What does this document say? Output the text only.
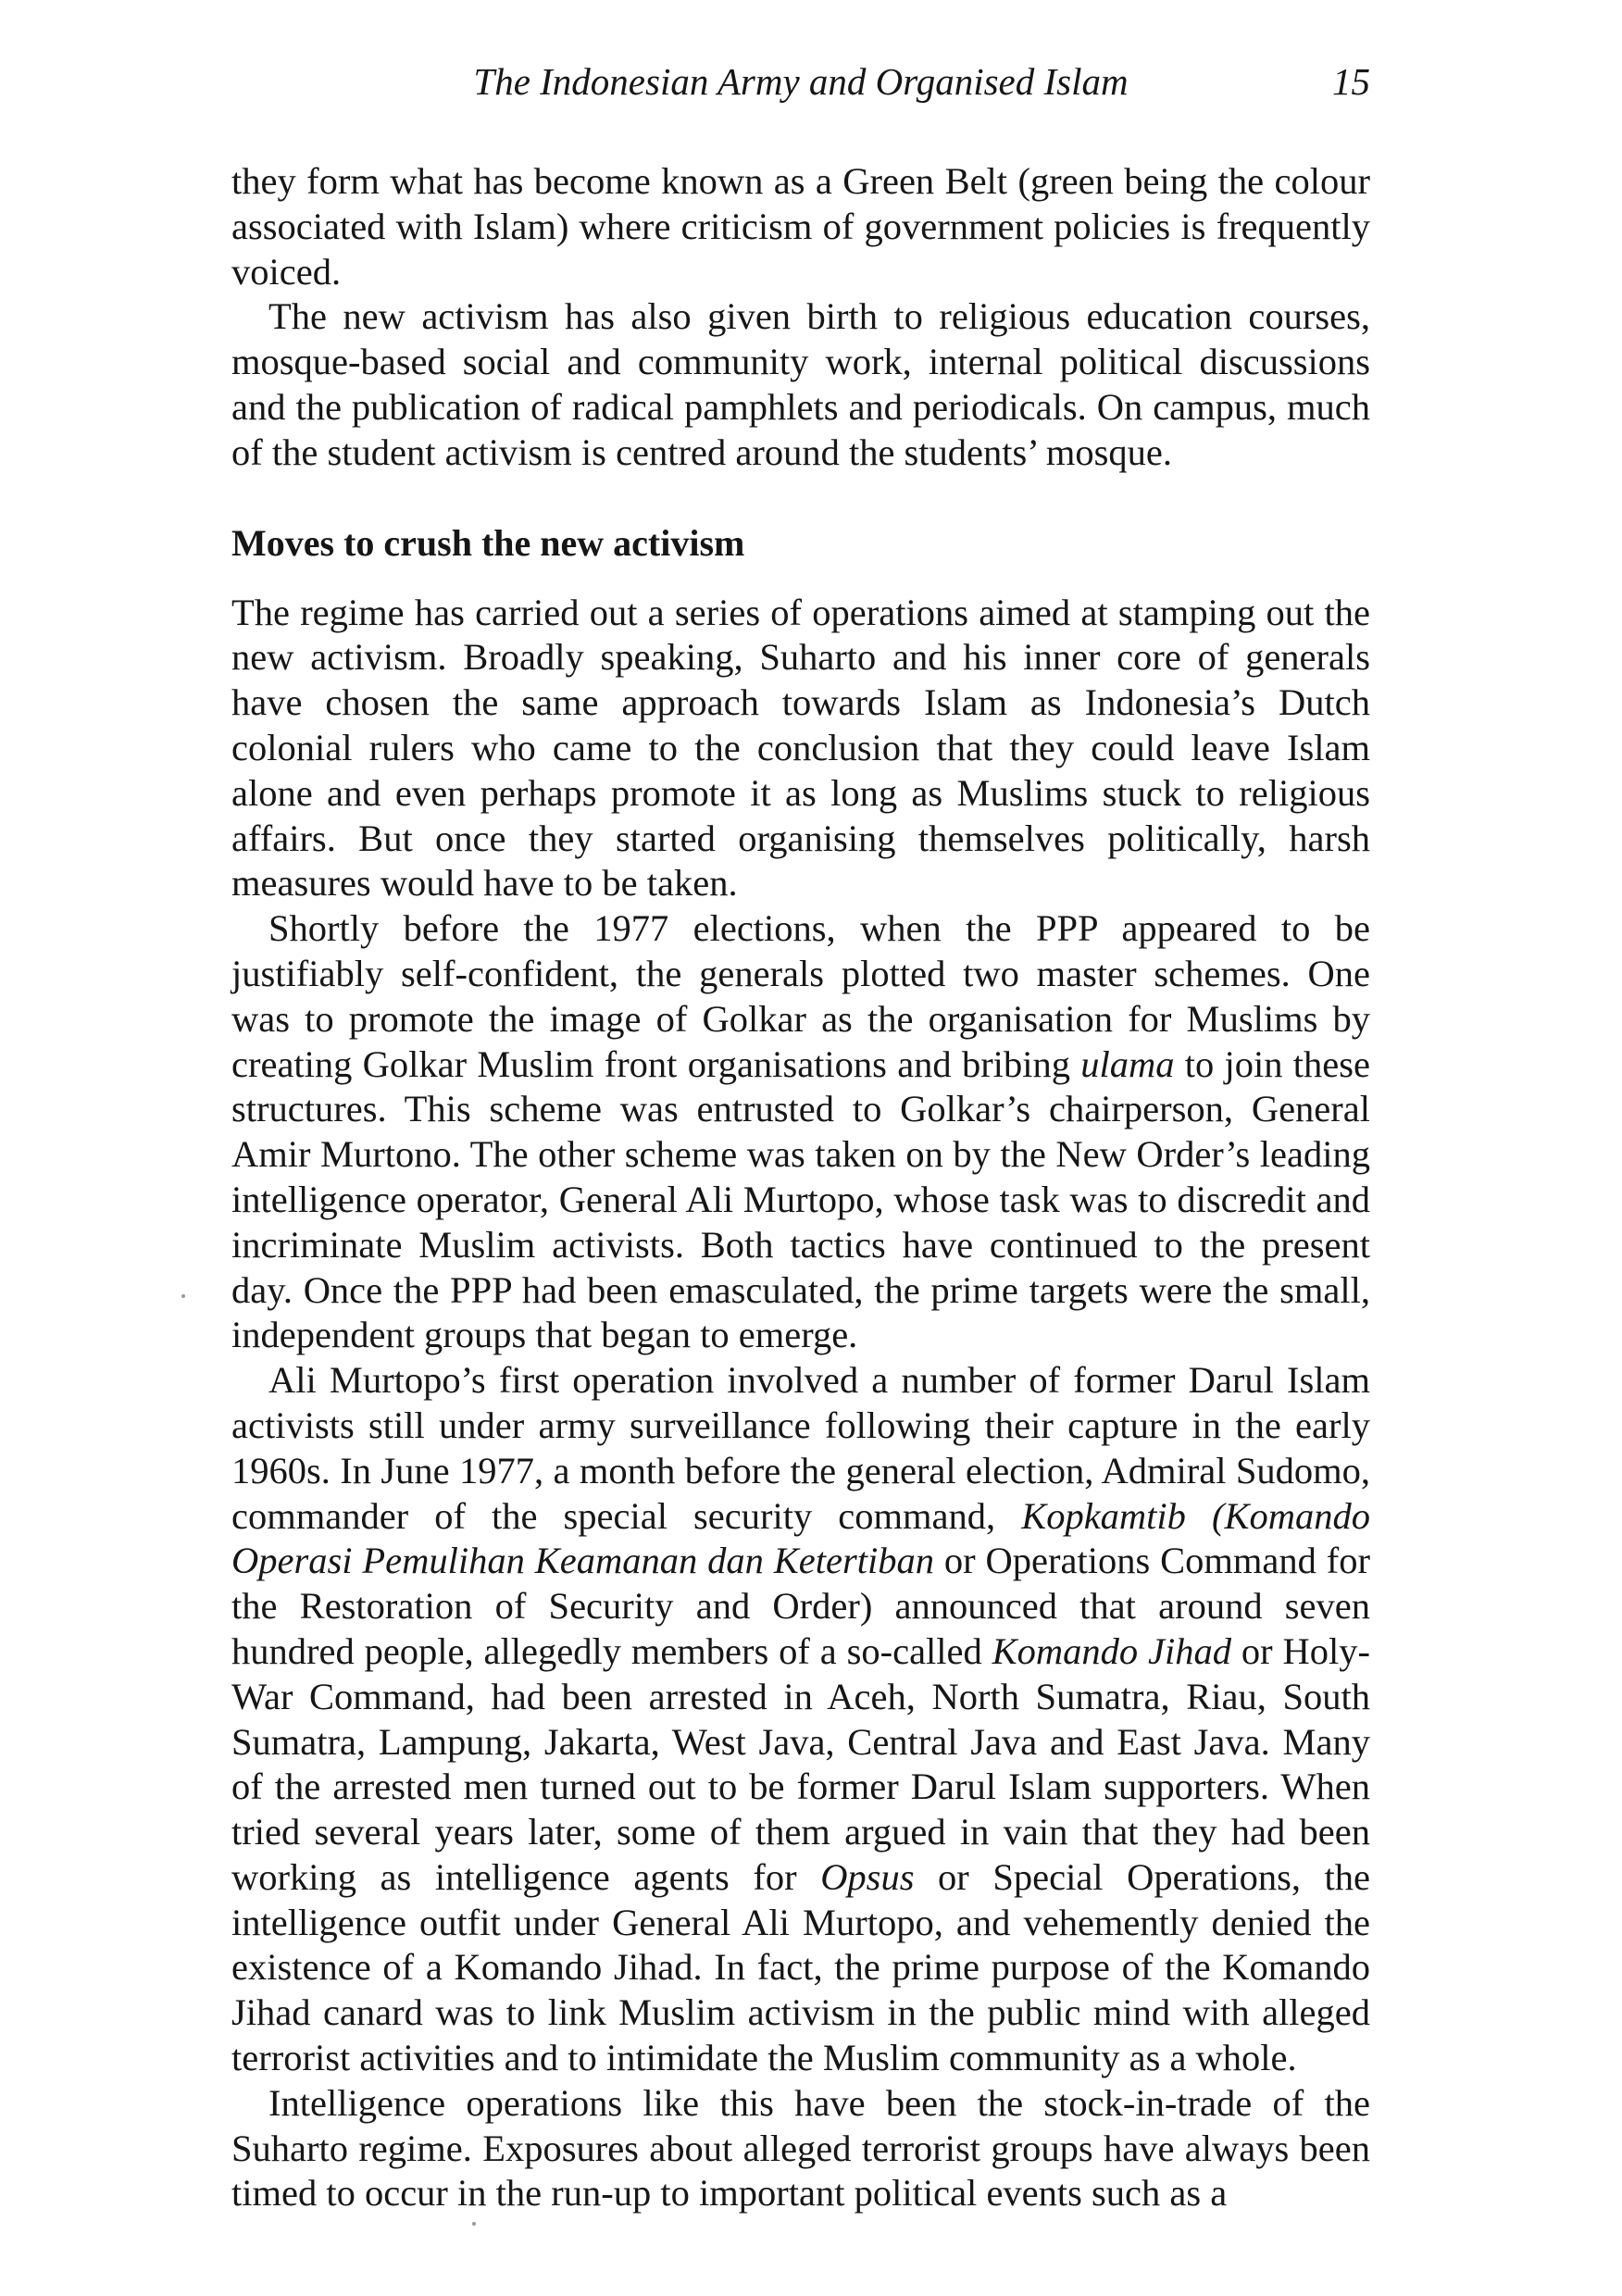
The Indonesian Army and Organised Islam	15

they form what has become known as a Green Belt (green being the colour associated with Islam) where criticism of government policies is frequently voiced.

The new activism has also given birth to religious education courses, mosque-based social and community work, internal political discussions and the publication of radical pamphlets and periodicals. On campus, much of the student activism is centred around the students’ mosque.

Moves to crush the new activism

The regime has carried out a series of operations aimed at stamping out the new activism. Broadly speaking, Suharto and his inner core of generals have chosen the same approach towards Islam as Indonesia’s Dutch colonial rulers who came to the conclusion that they could leave Islam alone and even perhaps promote it as long as Muslims stuck to religious affairs. But once they started organising themselves politically, harsh measures would have to be taken.

Shortly before the 1977 elections, when the PPP appeared to be justifiably self-confident, the generals plotted two master schemes. One was to promote the image of Golkar as the organisation for Muslims by creating Golkar Muslim front organisations and bribing ulama to join these structures. This scheme was entrusted to Golkar’s chairperson, General Amir Murtono. The other scheme was taken on by the New Order’s leading intelligence operator, General Ali Murtopo, whose task was to discredit and incriminate Muslim activists. Both tactics have continued to the present day. Once the PPP had been emasculated, the prime targets were the small, independent groups that began to emerge.

Ali Murtopo’s first operation involved a number of former Darul Islam activists still under army surveillance following their capture in the early 1960s. In June 1977, a month before the general election, Admiral Sudomo, commander of the special security command, Kopkamtib (Komando Operasi Pemulihan Keamanan dan Ketertiban or Operations Command for the Restoration of Security and Order) announced that around seven hundred people, allegedly members of a so-called Komando Jihad or Holy-War Command, had been arrested in Aceh, North Sumatra, Riau, South Sumatra, Lampung, Jakarta, West Java, Central Java and East Java. Many of the arrested men turned out to be former Darul Islam supporters. When tried several years later, some of them argued in vain that they had been working as intelligence agents for Opsus or Special Operations, the intelligence outfit under General Ali Murtopo, and vehemently denied the existence of a Komando Jihad. In fact, the prime purpose of the Komando Jihad canard was to link Muslim activism in the public mind with alleged terrorist activities and to intimidate the Muslim community as a whole.

Intelligence operations like this have been the stock-in-trade of the Suharto regime. Exposures about alleged terrorist groups have always been timed to occur in the run-up to important political events such as a
